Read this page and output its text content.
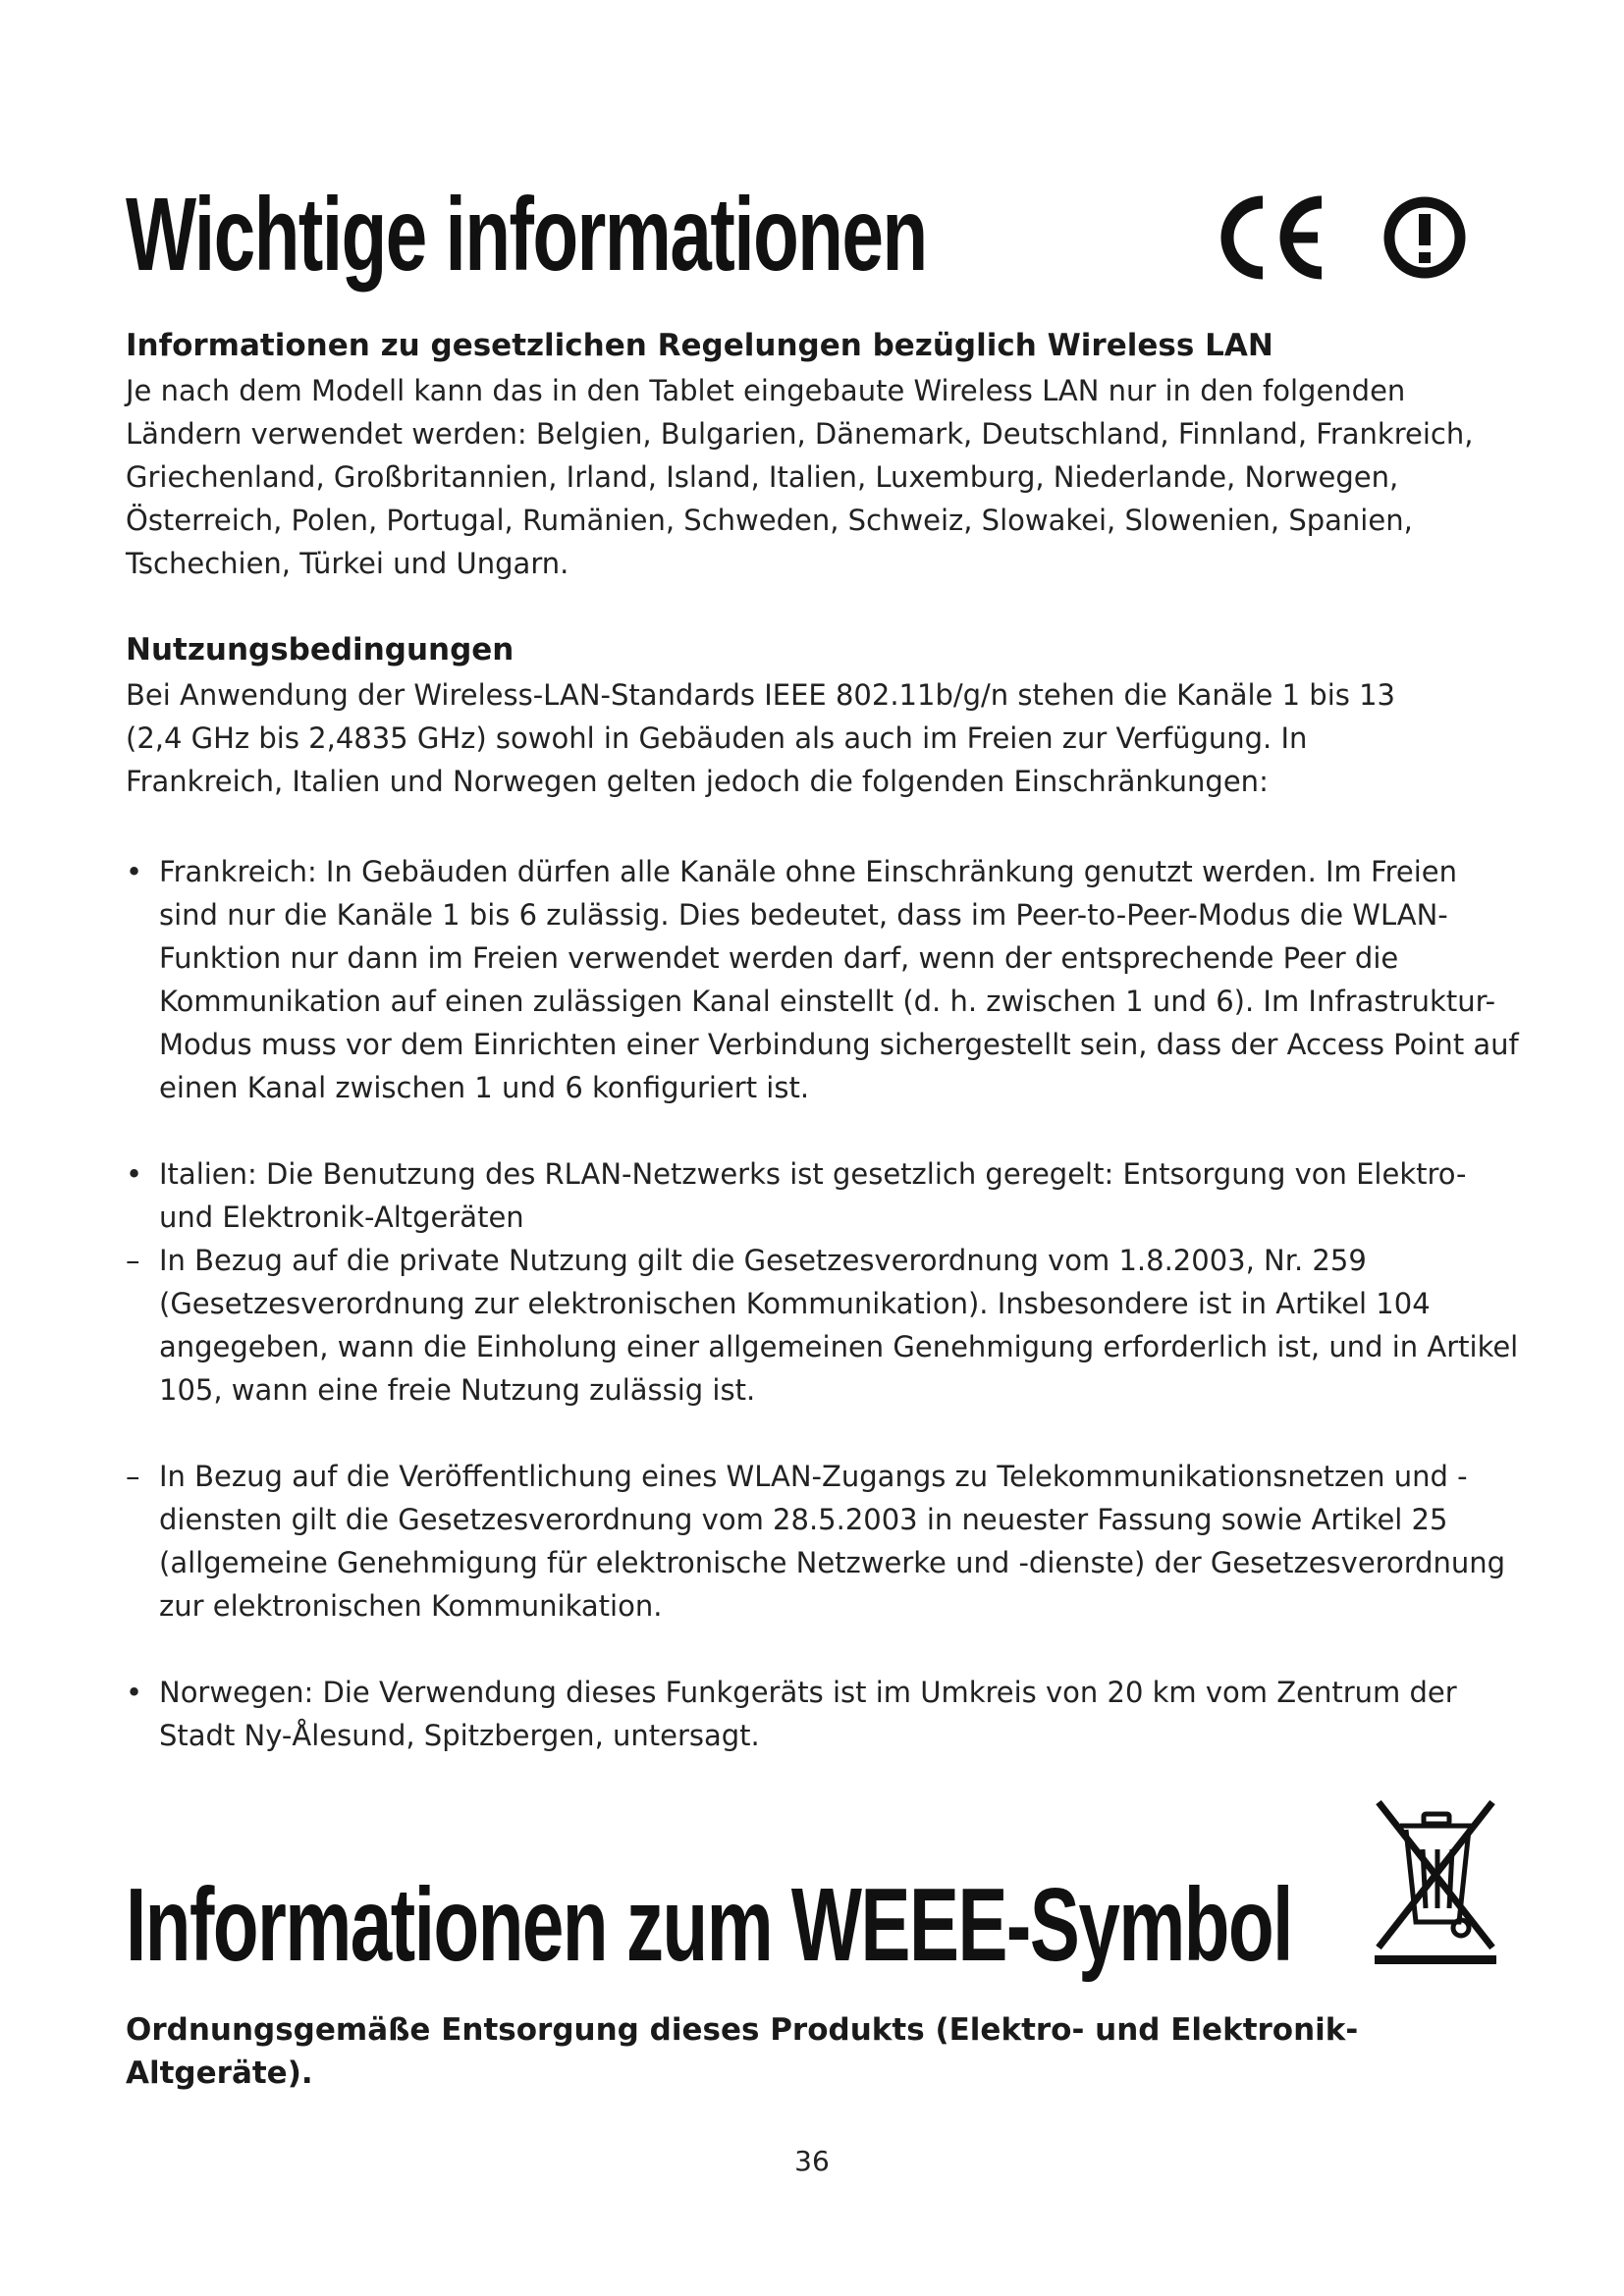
Wichtige informationen
Informationen zu gesetzlichen Regelungen bezüglich Wireless LAN

Je nach dem Modell kann das in den Tablet eingebaute Wireless LAN nur in den folgenden Ländern verwendet werden: Belgien, Bulgarien, Dänemark, Deutschland, Finnland, Frankreich, Griechenland, Großbritannien, Irland, Island, Italien, Luxemburg, Niederlande, Norwegen, Österreich, Polen, Portugal, Rumänien, Schweden, Schweiz, Slowakei, Slowenien, Spanien, Tschechien, Türkei und Ungarn.

Nutzungsbedingungen

Bei Anwendung der Wireless-LAN-Standards IEEE 802.11b/g/n stehen die Kanäle 1 bis 13 (2,4 GHz bis 2,4835 GHz) sowohl in Gebäuden als auch im Freien zur Verfügung. In Frankreich, Italien und Norwegen gelten jedoch die folgenden Einschränkungen:

• Frankreich: In Gebäuden dürfen alle Kanäle ohne Einschränkung genutzt werden. Im Freien sind nur die Kanäle 1 bis 6 zulässig. Dies bedeutet, dass im Peer-to-Peer-Modus die WLAN-Funktion nur dann im Freien verwendet werden darf, wenn der entsprechende Peer die Kommunikation auf einen zulässigen Kanal einstellt (d. h. zwischen 1 und 6). Im Infrastruktur-Modus muss vor dem Einrichten einer Verbindung sichergestellt sein, dass der Access Point auf einen Kanal zwischen 1 und 6 konfiguriert ist.

• Italien: Die Benutzung des RLAN-Netzwerks ist gesetzlich geregelt: Entsorgung von Elektro- und Elektronik-Altgeräten

– In Bezug auf die private Nutzung gilt die Gesetzesverordnung vom 1.8.2003, Nr. 259 (Gesetzesverordnung zur elektronischen Kommunikation). Insbesondere ist in Artikel 104 angegeben, wann die Einholung einer allgemeinen Genehmigung erforderlich ist, und in Artikel 105, wann eine freie Nutzung zulässig ist.

– In Bezug auf die Veröffentlichung eines WLAN-Zugangs zu Telekommunikationsnetzen und -diensten gilt die Gesetzesverordnung vom 28.5.2003 in neuester Fassung sowie Artikel 25 (allgemeine Genehmigung für elektronische Netzwerke und -dienste) der Gesetzesverordnung zur elektronischen Kommunikation.

• Norwegen: Die Verwendung dieses Funkgeräts ist im Umkreis von 20 km vom Zentrum der Stadt Ny-Ålesund, Spitzbergen, untersagt.

Informationen zum WEEE-Symbol
Ordnungsgemäße Entsorgung dieses Produkts (Elektro- und Elektronik-Altgeräte).
36
